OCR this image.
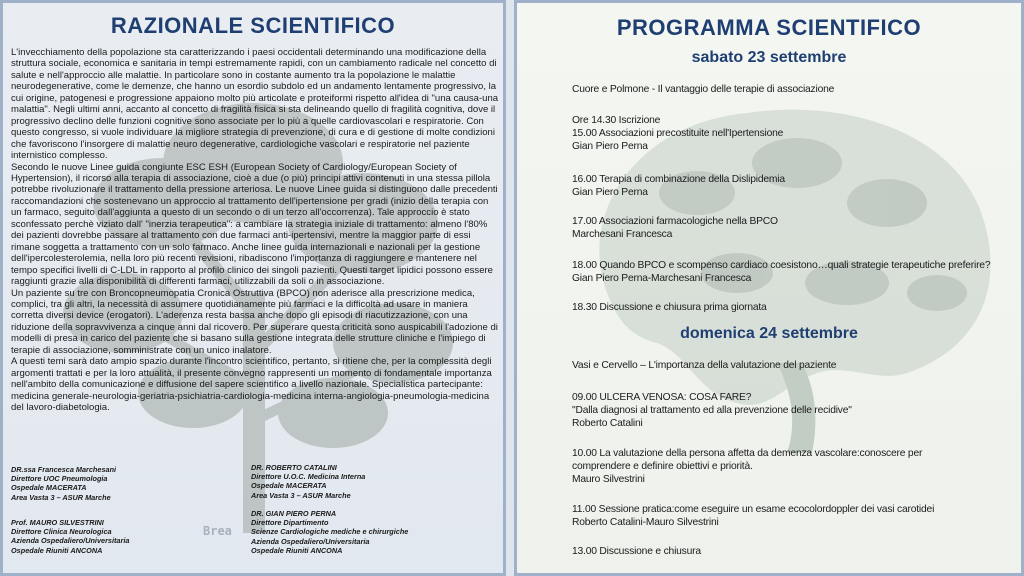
RAZIONALE SCIENTIFICO

L'invecchiamento della popolazione sta caratterizzando i paesi occidentali determinando una modificazione della struttura sociale, economica e sanitaria in tempi estremamente rapidi, con un cambiamento radicale nel concetto di salute e nell'approccio alle malattie. In particolare sono in costante aumento tra la popolazione le malattie neurodegenerative, come le demenze, che hanno un esordio subdolo ed un andamento lentamente progressivo, la cui origine, patogenesi e progressione appaiono molto più articolate e proteiformi rispetto all'idea di "una causa-una malattia". Negli ultimi anni, accanto al concetto di fragilità fisica si sta delineando quello di fragilità cognitiva, dove il progressivo declino delle funzioni cognitive sono associate per lo più a quelle cardiovascolari e respiratorie. Con questo congresso, si vuole individuare la migliore strategia di prevenzione, di cura e di gestione di molte condizioni che favoriscono l'insorgere di malattie neuro degenerative, cardiologiche vascolari e respiratorie nel paziente internistico complesso.

Secondo le nuove Linee guida congiunte ESC ESH (European Society of Cardiology/European Society of Hypertension), il ricorso alla terapia di associazione, cioè a due (o più) principi attivi contenuti in una stessa pillola potrebbe rivoluzionare il trattamento della pressione arteriosa. Le nuove Linee guida si distinguono dalle precedenti raccomandazioni che sostenevano un approccio al trattamento dell'ipertensione per gradi (inizio della terapia con un farmaco, seguito dall'aggiunta a questo di un secondo o di un terzo all'occorrenza). Tale approccio è stato sconfessato perchè viziato dall' "inerzia terapeutica": a cambiare la strategia iniziale di trattamento: almeno l'80% dei pazienti dovrebbe passare al trattamento con due farmaci anti-ipertensivi, mentre la maggior parte di essi rimane soggetta a trattamento con un solo farmaco. Anche linee guida internazionali e nazionali per la gestione dell'ipercolesterolemia, nella loro più recenti revisioni, ribadiscono l'importanza di raggiungere e mantenere nel tempo specifici livelli di C-LDL in rapporto al profilo clinico dei singoli pazienti. Questi target lipidici possono essere raggiunti grazie alla disponibilità di differenti farmaci, utilizzabili da soli o in associazione.

Un paziente su tre con Broncopneumopatia Cronica Ostruttiva (BPCO) non aderisce alla prescrizione medica, complici, tra gli altri, la necessità di assumere quotidianamente più farmaci e la difficoltà ad usare in maniera corretta diversi device (erogatori). L'aderenza resta bassa anche dopo gli episodi di riacutizzazione, con una riduzione della sopravvivenza a cinque anni dal ricovero. Per superare questa criticità sono auspicabili l'adozione di modelli di presa in carico del paziente che si basano sulla gestione integrata delle strutture cliniche e l'impiego di terapie di associazione, somministrate con un unico inalatore.

A questi temi sarà dato ampio spazio durante l'incontro scientifico, pertanto, si ritiene che, per la complessità degli argomenti trattati e per la loro attualità, il presente convegno rappresenti un momento di fondamentale importanza nell'ambito della comunicazione e diffusione del sapere scientifico a livello nazionale. Specialistica partecipante: medicina generale-neurologia-geriatria-psichiatria-cardiologia-medicina interna-angiologia-pneumologia-medicina del lavoro-diabetologia.

DR.ssa Francesca Marchesani
Direttore UOC Pneumologia
Ospedale MACERATA
Area Vasta 3 – ASUR Marche
DR. ROBERTO CATALINI
Direttore U.O.C. Medicina Interna
Ospedale MACERATA
Area Vasta 3 – ASUR Marche
Prof. MAURO SILVESTRINI
Direttore Clinica Neurologica
Azienda Ospedaliero/Universitaria
Ospedale Riuniti ANCONA
DR. GIAN PIERO PERNA
Direttore Dipartimento
Scienze Cardiologiche mediche e chirurgiche
Azienda Ospedaliero/Universitaria
Ospedale Riuniti ANCONA
Brea
PROGRAMMA SCIENTIFICO
sabato 23 settembre
Cuore e Polmone - Il vantaggio delle terapie di associazione
Ore 14.30 Iscrizione
15.00 Associazioni precostituite nell'Ipertensione
Gian Piero Perna
16.00 Terapia di combinazione della Dislipidemia
Gian Piero Perna
17.00 Associazioni farmacologiche nella BPCO
Marchesani Francesca
18.00 Quando BPCO e scompenso cardiaco coesistono…quali strategie terapeutiche preferire?
Gian Piero Perna-Marchesani Francesca
18.30 Discussione e chiusura prima giornata
domenica 24 settembre
Vasi e Cervello – L'importanza della valutazione del paziente
09.00 ULCERA VENOSA: COSA FARE?
"Dalla diagnosi al trattamento ed alla prevenzione delle recidive"
Roberto Catalini
10.00 La valutazione della persona affetta da demenza vascolare:conoscere per
comprendere e definire obiettivi e priorità.
Mauro Silvestrini
11.00 Sessione pratica:come eseguire un esame ecocolordoppler dei vasi carotidei
Roberto Catalini-Mauro Silvestrini
13.00 Discussione e chiusura
